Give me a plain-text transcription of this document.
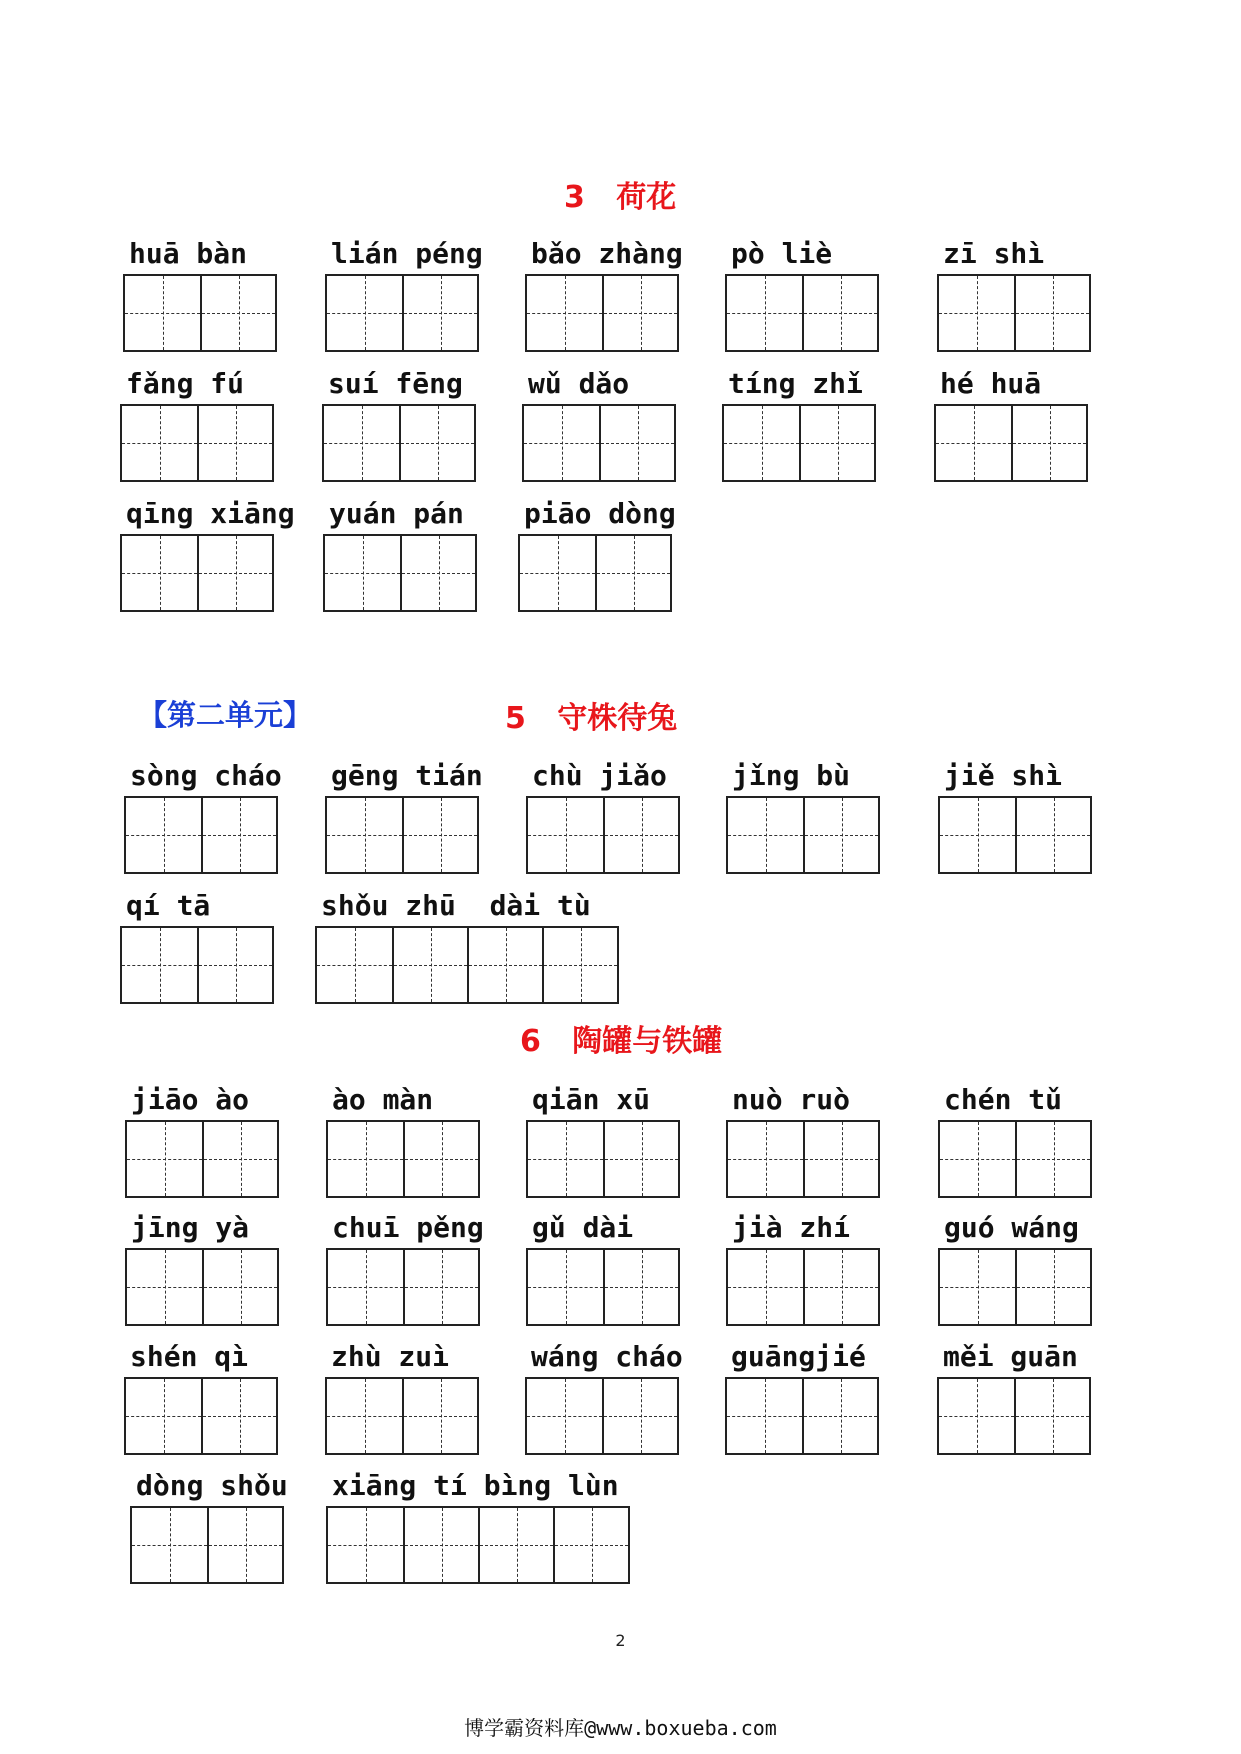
3 荷花
【第二单元】	5 守株待兔
6 陶罐与铁罐
huā bàn	lián péng bǎo zhàng pò liè	zī shì
fǎng fú	suí fēng wǔ dǎo	tíng zhǐ	hé huā
qīng xiāng yuán pán piāo dòng
sòng cháo gēng tián chù jiǎo jǐng bù	jiě shì
qí tā	shǒu zhū  dài tù
jiāo ào	ào màn	qiān xū	nuò ruò	chén tǔ
jīng yà	chuī pěng gǔ dài	jià zhí	guó wáng
shén qì	zhù zuì	wáng cháo guāngjié	měi guān
dòng shǒu xiāng tí bìng lùn
2
博学霸资料库@www.boxueba.com
